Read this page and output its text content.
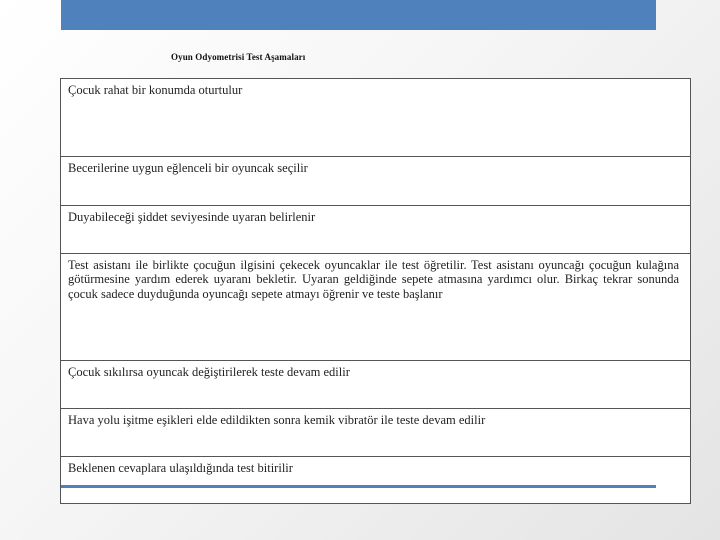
Oyun Odyometrisi Test Aşamaları
Çocuk rahat bir konumda oturtulur
Becerilerine uygun eğlenceli bir oyuncak seçilir
Duyabileceği şiddet seviyesinde uyaran belirlenir
Test asistanı ile birlikte çocuğun ilgisini çekecek oyuncaklar ile test öğretilir. Test asistanı oyuncağı çocuğun kulağına götürmesine yardım ederek uyaranı bekletir. Uyaran geldiğinde sepete atmasına yardımcı olur. Birkaç tekrar sonunda çocuk sadece duyduğunda oyuncağı sepete atmayı öğrenir ve teste başlanır
Çocuk sıkılırsa oyuncak değiştirilerek teste devam edilir
Hava yolu işitme eşikleri elde edildikten sonra kemik vibratör ile teste devam edilir
Beklenen cevaplara ulaşıldığında test bitirilir
